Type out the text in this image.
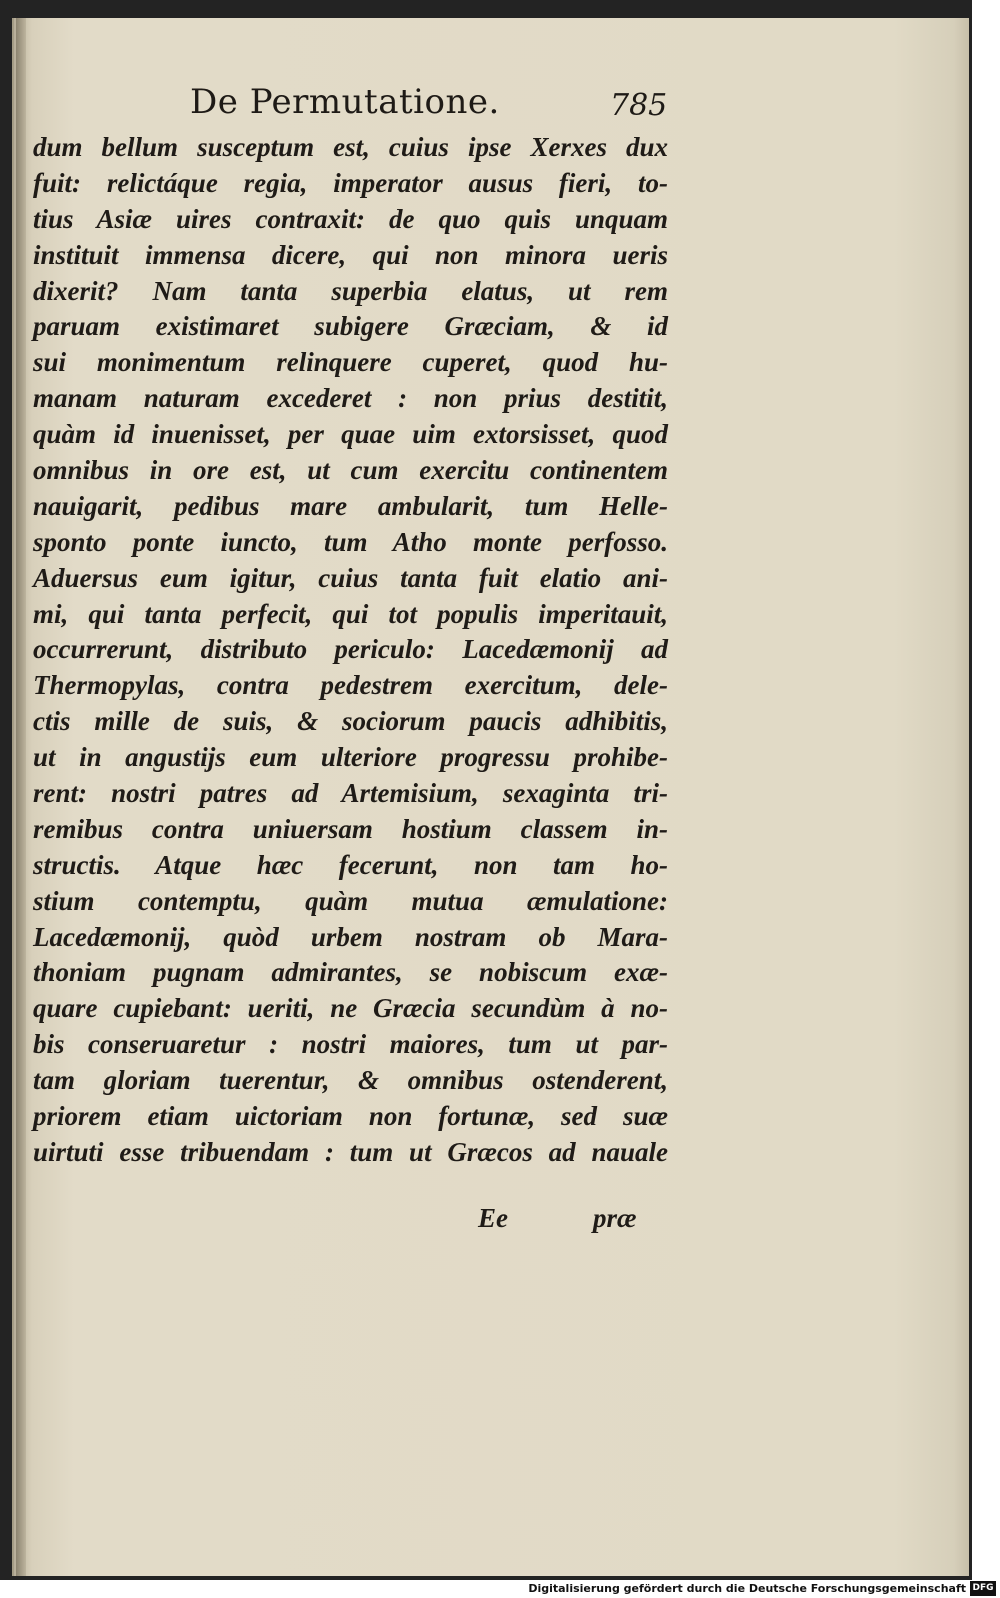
De Permutatione.	785
dum bellum susceptum est, cuius ipse Xerxes dux
fuit: relictáque regia, imperator ausus fieri, to-
tius Asiæ uires contraxit: de quo quis unquam
instituit immensa dicere, qui non minora ueris
dixerit? Nam tanta superbia elatus, ut rem
paruam existimaret subigere Græciam, & id
sui monimentum relinquere cuperet, quod hu-
manam naturam excederet : non prius destitit,
quàm id inuenisset, per quae uim extorsisset, quod
omnibus in ore est, ut cum exercitu continentem
nauigarit, pedibus mare ambularit, tum Helle-
sponto ponte iuncto, tum Atho monte perfosso.
Aduersus eum igitur, cuius tanta fuit elatio ani-
mi, qui tanta perfecit, qui tot populis imperitauit,
occurrerunt, distributo periculo: Lacedæmonij ad
Thermopylas, contra pedestrem exercitum, dele-
ctis mille de suis, & sociorum paucis adhibitis,
ut in angustijs eum ulteriore progressu prohibe-
rent: nostri patres ad Artemisium, sexaginta tri-
remibus contra uniuersam hostium classem in-
structis. Atque hæc fecerunt, non tam ho-
stium contemptu, quàm mutua æmulatione:
Lacedæmonij, quòd urbem nostram ob Mara-
thoniam pugnam admirantes, se nobiscum exæ-
quare cupiebant: ueriti, ne Græcia secundùm à no-
bis conseruaretur : nostri maiores, tum ut par-
tam gloriam tuerentur, & omnibus ostenderent,
priorem etiam uictoriam non fortunæ, sed suæ
uirtuti esse tribuendam : tum ut Græcos ad nauale
Ee	præ
Digitalisierung gefördert durch die Deutsche Forschungsgemeinschaft DFG
